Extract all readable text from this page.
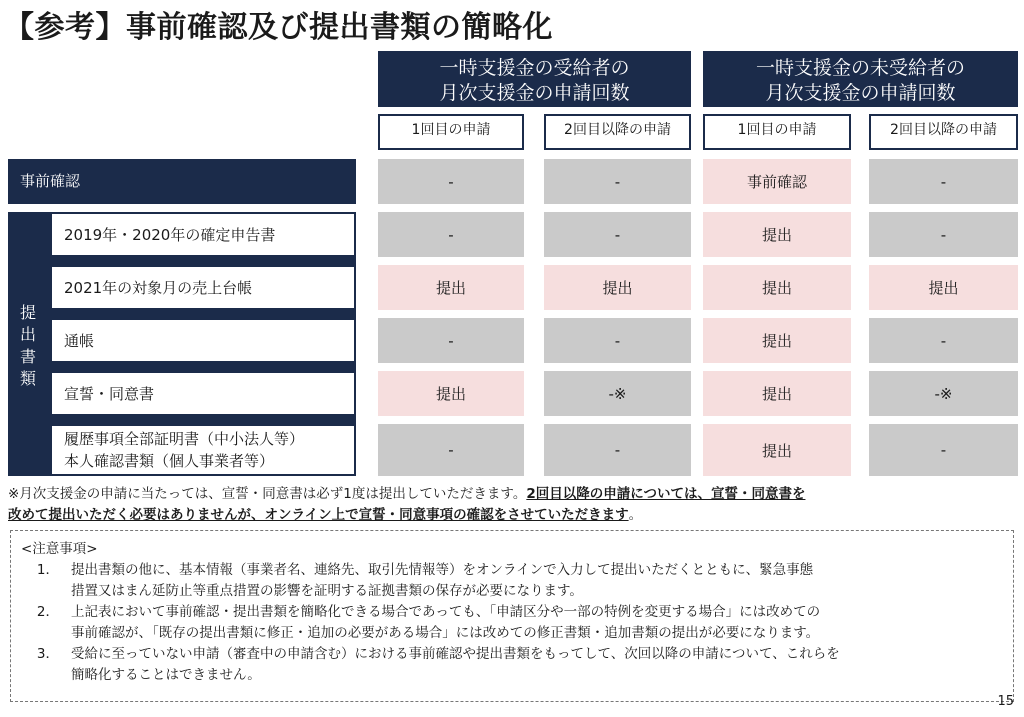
【参考】事前確認及び提出書類の簡略化
一時支援金の受給者の
月次支援金の申請回数
一時支援金の未受給者の
月次支援金の申請回数
1回目の申請	2回目以降の申請	1回目の申請	2回目以降の申請
事前確認	-	-	事前確認	-
提
出
書
類
2019年・2020年の確定申告書	-	-	提出	-
2021年の対象月の売上台帳	提出	提出	提出	提出
通帳	-	-	提出	-
宣誓・同意書	提出	-※	提出	-※
履歴事項全部証明書（中小法人等）
本人確認書類（個人事業者等）
-	-	提出	-
※月次支援金の申請に当たっては、宣誓・同意書は必ず1度は提出していただきます。2回目以降の申請については、宣誓・同意書を
改めて提出いただく必要はありませんが、オンライン上で宣誓・同意事項の確認をさせていただきます。
<注意事項>
1． 提出書類の他に、基本情報（事業者名、連絡先、取引先情報等）をオンラインで入力して提出いただくとともに、緊急事態
措置又はまん延防止等重点措置の影響を証明する証拠書類の保存が必要になります。
2． 上記表において事前確認・提出書類を簡略化できる場合であっても、「申請区分や一部の特例を変更する場合」には改めての
事前確認が、「既存の提出書類に修正・追加の必要がある場合」には改めての修正書類・追加書類の提出が必要になります。
3． 受給に至っていない申請（審査中の申請含む）における事前確認や提出書類をもってして、次回以降の申請について、これらを
簡略化することはできません。
15
